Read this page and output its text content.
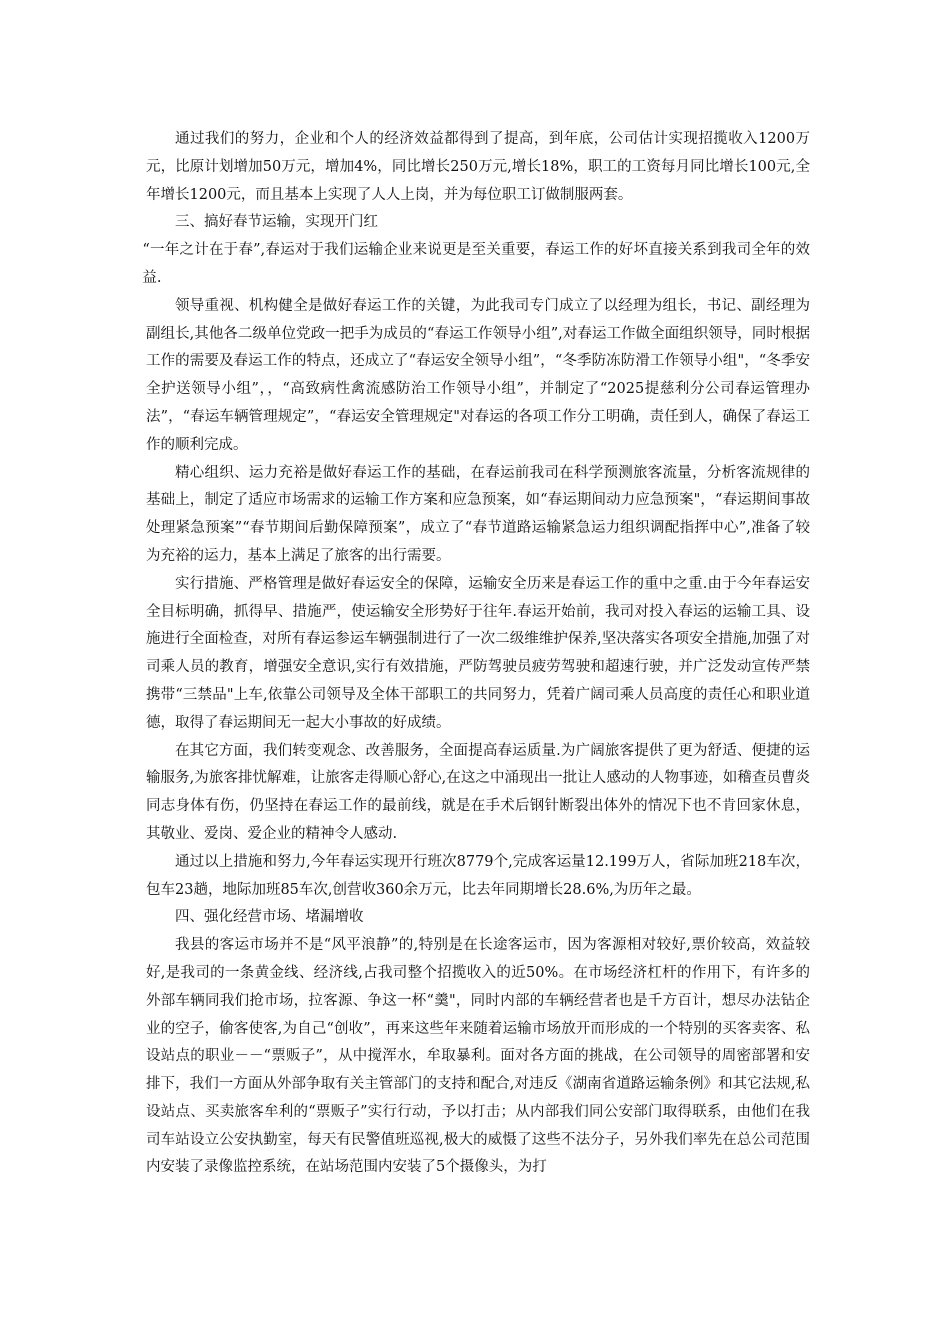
通过我们的努力，企业和个人的经济效益都得到了提高，到年底，公司估计实现招揽收入1200万元，比原计划增加50万元，增加4%，同比增长250万元,增长18%，职工的工资每月同比增长100元,全年增长1200元，而且基本上实现了人人上岗，并为每位职工订做制服两套。

三、搞好春节运输，实现开门红

“一年之计在于春”,春运对于我们运输企业来说更是至关重要，春运工作的好坏直接关系到我司全年的效益.

领导重视、机构健全是做好春运工作的关键，为此我司专门成立了以经理为组长，书记、副经理为副组长,其他各二级单位党政一把手为成员的“春运工作领导小组”,对春运工作做全面组织领导，同时根据工作的需要及春运工作的特点，还成立了“春运安全领导小组”，“冬季防冻防滑工作领导小组"，“冬季安全护送领导小组”，，“高致病性禽流感防治工作领导小组”，并制定了“2025提慈利分公司春运管理办法”，“春运车辆管理规定”，“春运安全管理规定"对春运的各项工作分工明确，责任到人，确保了春运工作的顺利完成。

精心组织、运力充裕是做好春运工作的基础，在春运前我司在科学预测旅客流量，分析客流规律的基础上，制定了适应市场需求的运输工作方案和应急预案，如“春运期间动力应急预案"，“春运期间事故处理紧急预案”“春节期间后勤保障预案”，成立了“春节道路运输紧急运力组织调配指挥中心”,准备了较为充裕的运力，基本上满足了旅客的出行需要。

实行措施、严格管理是做好春运安全的保障，运输安全历来是春运工作的重中之重.由于今年春运安全目标明确，抓得早、措施严，使运输安全形势好于往年.春运开始前，我司对投入春运的运输工具、设施进行全面检查，对所有春运参运车辆强制进行了一次二级维维护保养,坚决落实各项安全措施,加强了对司乘人员的教育，增强安全意识,实行有效措施，严防驾驶员疲劳驾驶和超速行驶，并广泛发动宣传严禁携带“三禁品"上车,依靠公司领导及全体干部职工的共同努力，凭着广阔司乘人员高度的责任心和职业道德，取得了春运期间无一起大小事故的好成绩。

在其它方面，我们转变观念、改善服务，全面提高春运质量.为广阔旅客提供了更为舒适、便捷的运输服务,为旅客排忧解难，让旅客走得顺心舒心,在这之中涌现出一批让人感动的人物事迹，如稽查员曹炎同志身体有伤，仍坚持在春运工作的最前线，就是在手术后钢针断裂出体外的情况下也不肯回家休息，其敬业、爱岗、爱企业的精神令人感动.

通过以上措施和努力,今年春运实现开行班次8779个,完成客运量12.199万人，省际加班218车次，包车23趟，地际加班85车次,创营收360余万元，比去年同期增长28.6%,为历年之最。

四、强化经营市场、堵漏增收

我县的客运市场并不是“风平浪静”的,特别是在长途客运市，因为客源相对较好,票价较高，效益较好,是我司的一条黄金线、经济线,占我司整个招揽收入的近50%。在市场经济杠杆的作用下，有许多的外部车辆同我们抢市场，拉客源、争这一杯“羹"，同时内部的车辆经营者也是千方百计，想尽办法钻企业的空子，偷客使客,为自己“创收”，再来这些年来随着运输市场放开而形成的一个特别的买客卖客、私设站点的职业－－“票贩子”，从中搅浑水，牟取暴利。面对各方面的挑战，在公司领导的周密部署和安排下，我们一方面从外部争取有关主管部门的支持和配合,对违反《湖南省道路运输条例》和其它法规,私设站点、买卖旅客牟利的“票贩子”实行行动，予以打击；从内部我们同公安部门取得联系，由他们在我司车站设立公安执勤室，每天有民警值班巡视,极大的威慑了这些不法分子，另外我们率先在总公司范围内安装了录像监控系统，在站场范围内安装了5个摄像头，为打
